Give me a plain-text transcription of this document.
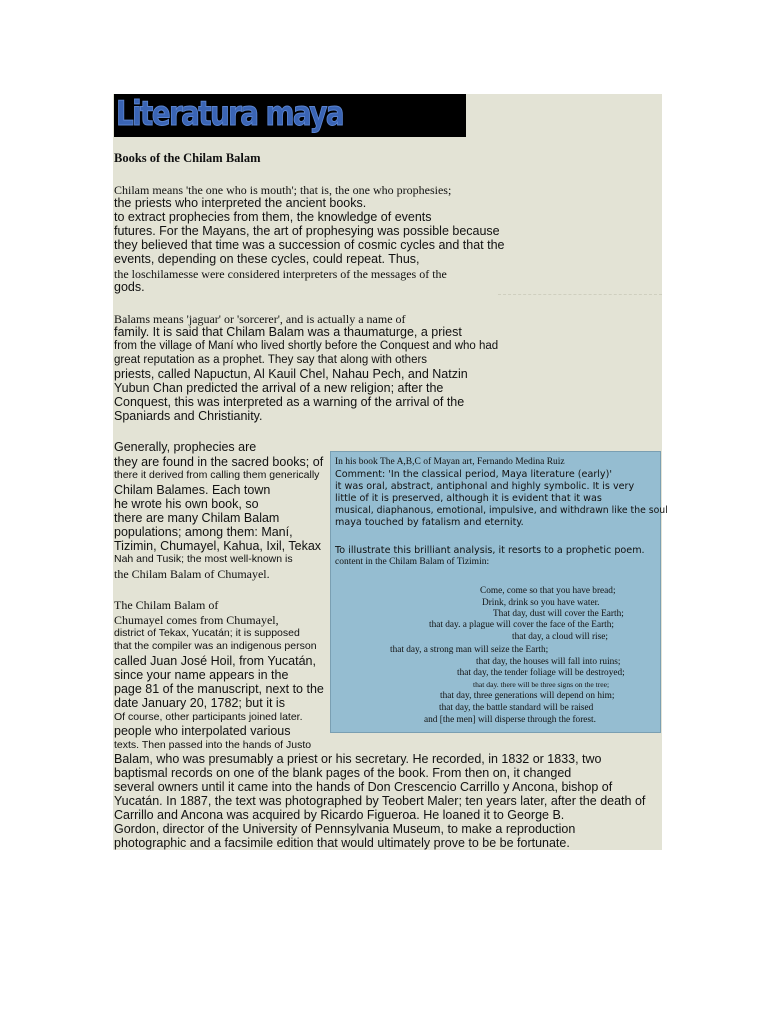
Literatura maya
Books of the Chilam Balam
Chilam means 'the one who is mouth'; that is, the one who prophesies;
the priests who interpreted the ancient books.
to extract prophecies from them, the knowledge of events
futures. For the Mayans, the art of prophesying was possible because
they believed that time was a succession of cosmic cycles and that the
events, depending on these cycles, could repeat. Thus,
the loschilamesse were considered interpreters of the messages of the
gods.
Balams means 'jaguar' or 'sorcerer', and is actually a name of
family. It is said that Chilam Balam was a thaumaturge, a priest
from the village of Maní who lived shortly before the Conquest and who had
great reputation as a prophet. They say that along with others
priests, called Napuctun, Al Kauil Chel, Nahau Pech, and Natzin
Yubun Chan predicted the arrival of a new religion; after the
Conquest, this was interpreted as a warning of the arrival of the
Spaniards and Christianity.
Generally, prophecies are
they are found in the sacred books; of
there it derived from calling them generically
Chilam Balames. Each town
he wrote his own book, so
there are many Chilam Balam
populations; among them: Maní,
Tizimin, Chumayel, Kahua, Ixil, Tekax
Nah and Tusik; the most well-known is
the Chilam Balam of Chumayel.
The Chilam Balam of
Chumayel comes from Chumayel,
district of Tekax, Yucatán; it is supposed
that the compiler was an indigenous person
called Juan José Hoil, from Yucatán,
since your name appears in the
page 81 of the manuscript, next to the
date January 20, 1782; but it is
Of course, other participants joined later.
people who interpolated various
texts. Then passed into the hands of Justo
Balam, who was presumably a priest or his secretary. He recorded, in 1832 or 1833, two
baptismal records on one of the blank pages of the book. From then on, it changed
several owners until it came into the hands of Don Crescencio Carrillo y Ancona, bishop of
Yucatán. In 1887, the text was photographed by Teobert Maler; ten years later, after the death of
Carrillo and Ancona was acquired by Ricardo Figueroa. He loaned it to George B.
Gordon, director of the University of Pennsylvania Museum, to make a reproduction
photographic and a facsimile edition that would ultimately prove to be be fortunate.
In his book The A,B,C of Mayan art, Fernando Medina Ruiz
Comment: 'In the classical period, Maya literature (early)'
it was oral, abstract, antiphonal and highly symbolic. It is very
little of it is preserved, although it is evident that it was
musical, diaphanous, emotional, impulsive, and withdrawn like the soul
maya touched by fatalism and eternity.
To illustrate this brilliant analysis, it resorts to a prophetic poem.
content in the Chilam Balam of Tizimin:
Come, come so that you have bread;
Drink, drink so you have water.
That day, dust will cover the Earth;
that day. a plague will cover the face of the Earth;
that day, a cloud will rise;
that day, a strong man will seize the Earth;
that day, the houses will fall into ruins;
that day, the tender foliage will be destroyed;
that day. there will be three signs on the tree;
that day, three generations will depend on him;
that day, the battle standard will be raised
and [the men] will disperse through the forest.
